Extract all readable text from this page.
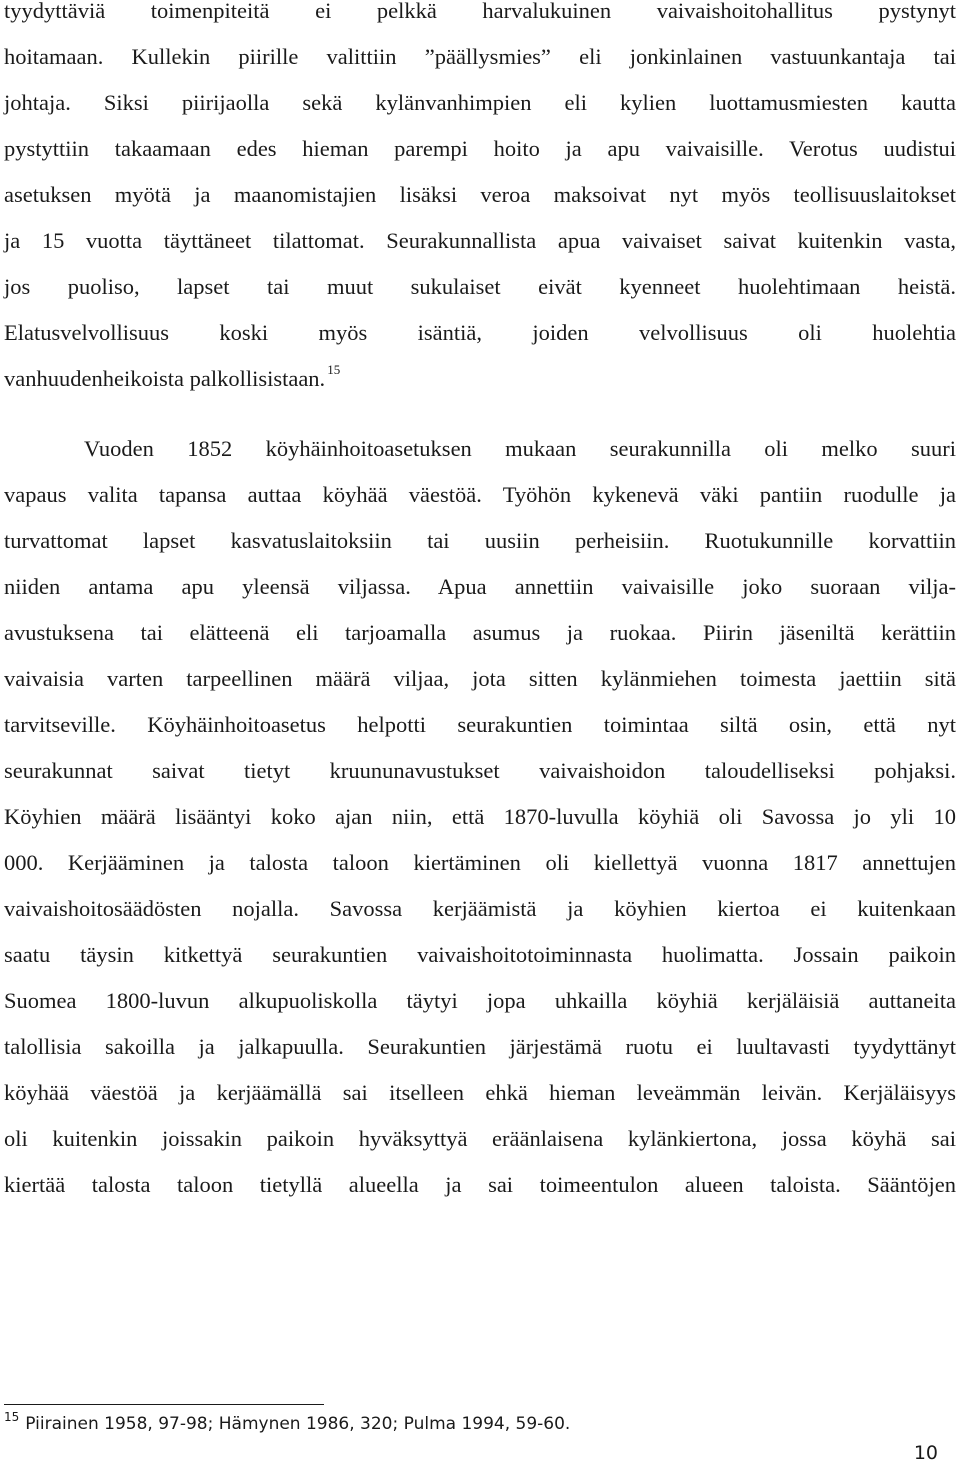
tyydyttäviä toimenpiteitä ei pelkkä harvalukuinen vaivaishoitohallitus pystynyt
hoitamaan. Kullekin piirille valittiin ”päällysmies” eli jonkinlainen vastuunkantaja tai
johtaja. Siksi piirijaolla sekä kylänvanhimpien eli kylien luottamusmiesten kautta
pystyttiin takaamaan edes hieman parempi hoito ja apu vaivaisille. Verotus uudistui
asetuksen myötä ja maanomistajien lisäksi veroa maksoivat nyt myös teollisuuslaitokset
ja 15 vuotta täyttäneet tilattomat. Seurakunnallista apua vaivaiset saivat kuitenkin vasta,
jos puoliso, lapset tai muut sukulaiset eivät kyenneet huolehtimaan heistä.
Elatusvelvollisuus koski myös isäntiä, joiden velvollisuus oli huolehtia
vanhuudenheikoista palkollisistaan. $^{15}$
Vuoden 1852 köyhäinhoitoasetuksen mukaan seurakunnilla oli melko suuri
vapaus valita tapansa auttaa köyhää väestöä. Työhön kykenevä väki pantiin ruodulle ja
turvattomat lapset kasvatuslaitoksiin tai uusiin perheisiin. Ruotukunnille korvattiin
niiden antama apu yleensä viljassa. Apua annettiin vaivaisille joko suoraan vilja-
avustuksena tai elätteenä eli tarjoamalla asumus ja ruokaa. Piirin jäseniltä kerättiin
vaivaisia varten tarpeellinen määrä viljaa, jota sitten kylänmiehen toimesta jaettiin sitä
tarvitseville. Köyhäinhoitoasetus helpotti seurakuntien toimintaa siltä osin, että nyt
seurakunnat saivat tietyt kruununavustukset vaivaishoidon taloudelliseksi pohjaksi.
Köyhien määrä lisääntyi koko ajan niin, että 1870-luvulla köyhiä oli Savossa jo yli 10
000. Kerjääminen ja talosta taloon kiertäminen oli kiellettyä vuonna 1817 annettujen
vaivaishoitosäädösten nojalla. Savossa kerjäämistä ja köyhien kiertoa ei kuitenkaan
saatu täysin kitkettyä seurakuntien vaivaishoitotoiminnasta huolimatta. Jossain paikoin
Suomea 1800-luvun alkupuoliskolla täytyi jopa uhkailla köyhiä kerjäläisiä auttaneita
talollisia sakoilla ja jalkapuulla. Seurakuntien järjestämä ruotu ei luultavasti tyydyttänyt
köyhää väestöä ja kerjäämällä sai itselleen ehkä hieman leveämmän leivän. Kerjäläisyys
oli kuitenkin joissakin paikoin hyväksyttyä eräänlaisena kylänkiertona, jossa köyhä sai
kiertää talosta taloon tietyllä alueella ja sai toimeentulon alueen taloista. Sääntöjen
$^{15}$ Piirainen 1958, 97-98; Hämynen 1986, 320; Pulma 1994, 59-60.
10
